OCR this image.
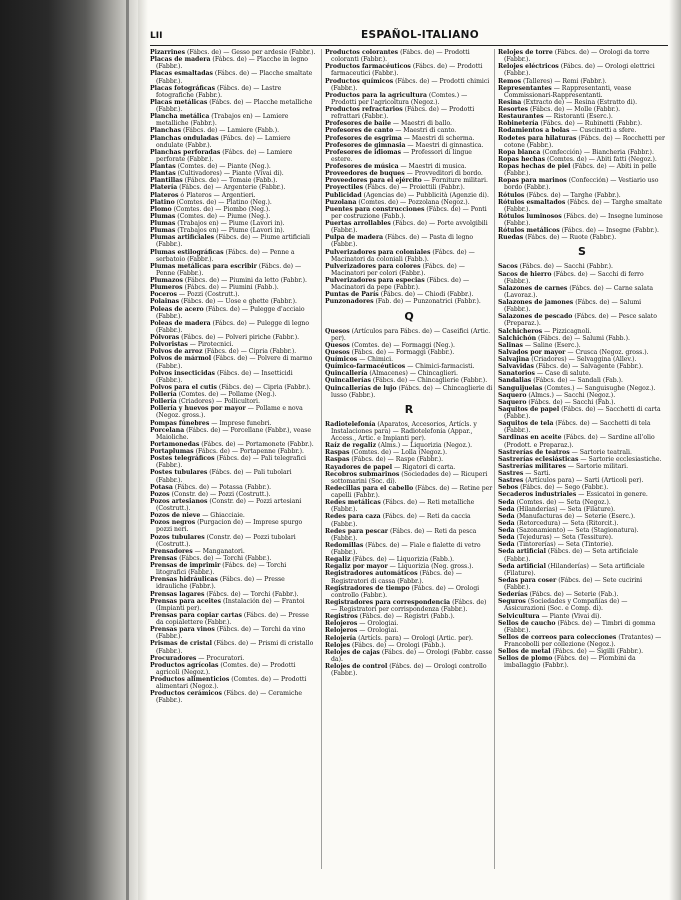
LII	ESPAÑOL-ITALIANO
Pizarrines (Fábcs. de) — Gesso per ardesie (Fabbr.).
Placas de madera (Fábcs. de) — Placche in legno (Fabbr.).
Placas esmaltadas (Fábcs. de) — Placche smaltate (Fabbr.).
Placas fotográficas (Fábcs. de) — Lastre fotografiche (Fabbr.).
Placas metálicas (Fábcs. de) — Placche metalliche (Fabbr.).
Plancha metálica (Trabajos en) — Lamiere metalliche (Fabbr.).
Planchas (Fábcs. de) — Lamiere (Fabb.).
Planchas onduladas (Fábcs. de) — Lamiere ondulate (Fabbr.).
Planchas perforadas (Fábcs. de) — Lamiere perforate (Fabbr.).
Plantas (Comtes. de) — Piante (Neg.).
Plantas (Cultivadores) — Piante (Vivai di).
Plantillas (Fábcs. de) — Tomaie (Fabb.).
Platería (Fábcs. de) — Argenterie (Fabbr.).
Plateros ó Plateros — Argentieri.
Platino (Comtes. de) — Platino (Neg.).
Plomo (Comtes. de) — Piombo (Neg.).
Plumas (Comtes. de) — Piume (Neg.).
Plumas (Trabajos en) — Piume (Lavori in).
Plumas (Trabajos en) — Piume (Lavori in).
Plumas artificiales (Fábcs. de) — Piume artificiali (Fabbr.).
Plumas estilográficas (Fábcs. de) — Penne a serbatoio (Fabbr.).
Plumas metálicas para escribir (Fábcs. de) — Penne (Fabbr.).
Plumazos (Fábcs. de) — Piumini da letto (Fabbr.).
Plumeros (Fábcs. de) — Piumini (Fabb.).
Poceros — Pozzi (Costrutt.).
Polainas (Fábcs. de) — Uose e ghette (Fabbr.).
Poleas de acero (Fábcs. de) — Pulegge d'acciaio (Fabbr.).
Poleas de madera (Fábcs. de) — Pulegge di legno (Fabbr.).
Pólvoras (Fábcs. de) — Polveri piriche (Fabbr.).
Polvoristas — Pirotecnici.
Polvos de arroz (Fábcs. de) — Cipria (Fabbr.).
Polvos de mármol (Fábcs. de) — Polvere di marmo (Fabbr.).
Polvos insecticidas (Fábcs. de) — Insetticidi (Fabbr.).
Polvos para el cutis (Fábcs. de) — Cipria (Fabbr.).
Pollería (Comtes. de) — Pollame (Neg.).
Pollería (Criadores) — Pollicultori.
Pollería y huevos por mayor — Pollame e nova (Negoz. gross.).
Pompas fúnebres — Imprese funebri.
Porcelana (Fábcs. de) — Porcellane (Fabbr.), vease Maioliche.
Portamonedas (Fábcs. de) — Portamonete (Fabbr.).
Portaplumas (Fábcs. de) — Portapenne (Fabbr.).
Postes telegráficos (Fábcs. de) — Pali telegrafici (Fabbr.).
Postes tubulares (Fábcs. de) — Pali tubolari (Fabbr.).
Potasa (Fábcs. de) — Potassa (Fabbr.).
Pozos (Constr. de) — Pozzi (Costrutt.).
Pozos artesianos (Constr. de) — Pozzi artesiani (Costrutt.).
Pozos de nieve — Ghiacciaie.
Pozos negros (Purgacion de) — Imprese spurgo pozzi neri.
Pozos tubulares (Constr. de) — Pozzi tubolari (Costrutt.).
Prensadores — Manganatori.
Prensas (Fábcs. de) — Torchi (Fabbr.).
Prensas de imprimir (Fábcs. de) — Torchi litografici (Fabbr.).
Prensas hidráulicas (Fábcs. de) — Presse idrauliche (Fabbr.).
Prensas lagares (Fábcs. de) — Torchi (Fabbr.).
Prensas para aceites (Instalación de) — Frantoi (Impianti per).
Prensas para copiar cartas (Fábcs. de) — Presse da copialettere (Fabbr.).
Prensas para vinos (Fábcs. de) — Torchi da vino (Fabbr.).
Prismas de cristal (Fábcs. de) — Prismi di cristallo (Fabbr.).
Procuradores — Procuratori.
Productos agrícolas (Comtes. de) — Prodotti agricoli (Negoz.).
Productos alimenticios (Comtes. de) — Prodotti alimentari (Negoz.).
Productos cerámicos (Fábcs. de) — Ceramiche (Fabbr.).
Productos colorantes (Fábcs. de) — Prodotti coloranti (Fabbr.).
Productos farmacéuticos (Fábcs. de) — Prodotti farmaceutici (Fabbr.).
Productos químicos (Fábcs. de) — Prodotti chimici (Fabbr.).
Productos para la agricultura (Comtes.) — Prodotti per l'agricoltura (Negoz.).
Productos refractarios (Fábcs. de) — Prodotti refrattari (Fabbr.).
Profesores de baile — Maestri di ballo.
Profesores de canto — Maestri di canto.
Profesores de esgrima — Maestri di scherma.
Profesores de gimnasia — Maestri di ginnastica.
Profesores de idiomas — Professori di lingue estere.
Profesores de música — Maestri di musica.
Proveedores de buques — Provveditori di bordo.
Proveedores para el ejército — Forniture militari.
Proyectiles (Fábcs. de) — Proiettili (Fabbr.).
Publicidad (Agencias de) — Pubblicità (Agenzie di).
Puzolana (Comtes. de) — Pozzolana (Negoz.).
Puentes para construcciones (Fábcs. de) — Ponti per costruzione (Fabb.).
Puertas arrollables (Fábcs. de) — Porte avvolgibili (Fabbr.).
Pulpa de madera (Fábcs. de) — Pasta di legno (Fabbr.).
Pulverizadores para coloniales (Fábcs. de) — Macinatori da coloniali (Fabb.).
Pulverizadores para colores (Fábcs. de) — Macinatori per colori (Fabbr.).
Pulverizadores para especias (Fábcs. de) — Macinatori da pepe (Fabbr.).
Puntas de París (Fábcs. de) — Chiodi (Fabbr.).
Punzonadores (Fab. de) — Punzonatrici (Fabbr.).
Q
Quesos (Artículos para Fábcs. de) — Caseifici (Artic. per).
Quesos (Comtes. de) — Formaggi (Neg.).
Quesos (Fábcs. de) — Formaggi (Fabbr.).
Químicos — Chimici.
Químico-farmacéuticos — Chimici-farmacisti.
Quincallería (Almacenes) — Chincaglieri.
Quincallerías (Fábcs. de) — Chincaglierie (Fabbr.).
Quincallerías de lujo (Fábcs. de) — Chincaglierie di lusso (Fabbr.).
R
Radiotelefonía (Aparatos, Accesorios, Artícls. y Instalaciones para) — Radiotelefonia (Appar., Access., Artic. e Impianti per).
Raíz de regaliz (Alms.) — Liquorizia (Negoz.).
Raspas (Comtes. de) — Lolla (Negoz.).
Raspas (Fábcs. de) — Raspe (Fabbr.).
Rayadores de papel — Rigatori di carta.
Recobros submarinos (Sociedades de) — Ricuperi sottomarini (Soc. di).
Redecillas para el cabello (Fábcs. de) — Retine per capelli (Fabbr.).
Redes metálicas (Fábcs. de) — Reti metalliche (Fabbr.).
Redes para caza (Fábcs. de) — Reti da caccia (Fabbr.).
Redes para pescar (Fábcs. de) — Reti da pesca (Fabbr.).
Redomillas (Fábcs. de) — Fiale e fialette di vetro (Fabbr.).
Regaliz (Fábcs. de) — Liquorizia (Fabb.).
Regaliz por mayor — Liquorizia (Neg. gross.).
Registradores automáticos (Fábcs. de) — Registratori di cassa (Fabbr.).
Registradores de tiempo (Fábcs. de) — Orologi controllo (Fabbr.).
Registradores para correspondencia (Fábcs. de) — Registratori per corrispondenza (Fabbr.).
Registros (Fábcs. de) — Registri (Fabb.).
Relojeros — Orologiai.
Relojeros — Orologiai.
Relojería (Artícls. para) — Orologi (Artic. per).
Relojes (Fábcs. de) — Orologi (Fabb.).
Relojes de cajas (Fábcs. de) — Orologi (Fabbr. casse da).
Relojes de control (Fábcs. de) — Orologi controllo (Fabbr.).
Relojes de torre (Fábcs. de) — Orologi da torre (Fabbr.).
Relojes eléctricos (Fábcs. de) — Orologi elettrici (Fabbr.).
Remos (Talleres) — Remi (Fabbr.).
Representantes — Rappresentanti, vease Commissionari-Rappresentanti.
Resina (Extracto de) — Resina (Estratto di).
Resortes (Fábcs. de) — Molle (Fabbr.).
Restaurantes — Ristoranti (Eserc.).
Robinetería (Fábcs. de) — Rubinetti (Fabbr.).
Rodamientos a bolas — Cuscinetti a sfere.
Rodetes para hilaturas (Fábcs. de) — Rocchetti per cotone (Fabbr.).
Ropa blanca (Confección) — Biancheria (Fabbr.).
Ropas hechas (Comtes. de) — Abiti fatti (Negoz.).
Ropas hechas de piel (Fábcs. de) — Abiti in pelle (Fabbr.).
Ropas para marinos (Confección) — Vestiario uso bordo (Fabbr.).
Rótulos (Fábcs. de) — Targhe (Fabbr.).
Rótulos esmaltados (Fábcs. de) — Targhe smaltate (Fabbr.).
Rótulos luminosos (Fábcs. de) — Insegne luminose (Fabbr.).
Rótulos metálicos (Fábcs. de) — Insegne (Fabbr.).
Ruedas (Fábcs. de) — Ruote (Fabbr.).
S
Sacos (Fábcs. de) — Sacchi (Fabbr.).
Sacos de hierro (Fábcs. de) — Sacchi di ferro (Fabbr.).
Salazones de carnes (Fábcs. de) — Carne salata (Lavoraz.).
Salazones de jamones (Fábcs. de) — Salumi (Fabbr.).
Salazones de pescado (Fábcs. de) — Pesce salato (Preparaz.).
Salchicheros — Pizzicagnoli.
Salchichón (Fábcs. de) — Salumi (Fabb.).
Salinas — Saline (Eserc.).
Salvados por mayor — Crusca (Negoz. gross.).
Salvajina (Criadores) — Selvaggina (Allev.).
Salvavidas (Fábcs. de) — Salvagente (Fabbr.).
Sanatorios — Case di salute.
Sandalias (Fábcs. de) — Sandali (Fab.).
Sanguijuelas (Comtes.) — Sanguisughe (Negoz.).
Saquero (Almcs.) — Sacchi (Negoz.).
Saquero (Fábcs. de) — Sacchi (Fab.).
Saquitos de papel (Fábcs. de) — Sacchetti di carta (Fabbr.).
Saquitos de tela (Fábcs. de) — Sacchetti di tela (Fabbr.).
Sardinas en aceite (Fábcs. de) — Sardine all'olio (Prodott. e Preparaz.).
Sastrerías de teatros — Sartorie teatrali.
Sastrerías eclesiásticas — Sartorie ecclesiastiche.
Sastrerías militares — Sartorie militari.
Sastres — Sarti.
Sastres (Artículos para) — Sarti (Articoli per).
Sebos (Fábcs. de) — Sego (Fabbr.).
Secaderos industriales — Essicatoi in genere.
Seda (Comtes. de) — Seta (Negoz.).
Seda (Hilanderías) — Seta (Filature).
Seda (Manufacturas de) — Seterie (Eserc.).
Seda (Retorcedura) — Seta (Ritorcit.).
Seda (Sazonamiento) — Seta (Stagionatura).
Seda (Tejeduras) — Seta (Tessiture).
Seda (Tintorerías) — Seta (Tintorie).
Seda artificial (Fábcs. de) — Seta artificiale (Fabbr.).
Seda artificial (Hilanderías) — Seta artificiale (Filature).
Sedas para coser (Fábcs. de) — Sete cucirini (Fabbr.).
Sederías (Fábcs. de) — Seterie (Fab.).
Seguros (Sociedades y Compañías de) — Assicurazioni (Soc. e Comp. di).
Selvicultura — Piante (Vivai di).
Sellos de caucho (Fábcs. de) — Timbri di gomma (Fabbr.).
Sellos de correos para colecciones (Tratantes) — Francobolli per collezione (Negoz.).
Sellos de metal (Fábcs. de) — Sigilli (Fabbr.).
Sellos de plomo (Fábcs. de) — Piombini da imballaggio (Fabbr.).
